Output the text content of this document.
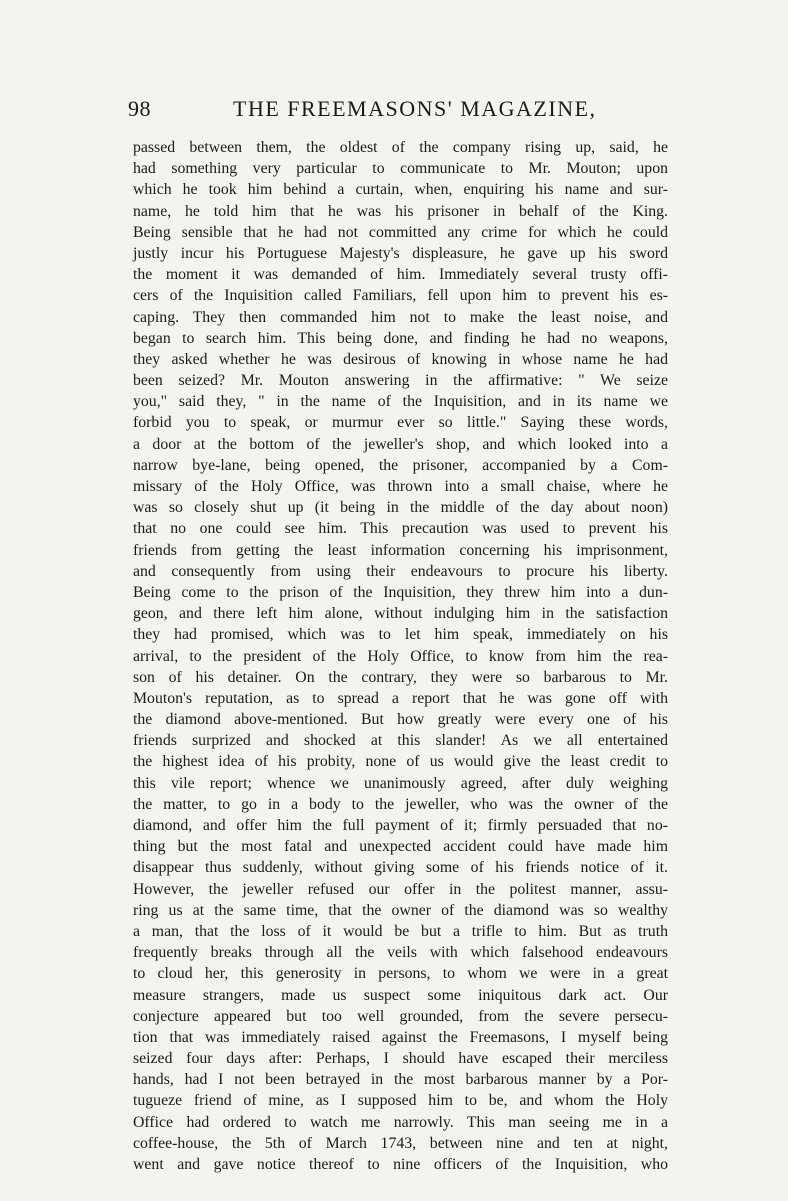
98	THE FREEMASONS' MAGAZINE,
passed between them, the oldest of the company rising up, said, he
had something very particular to communicate to Mr. Mouton; upon
which he took him behind a curtain, when, enquiring his name and sur-
name, he told him that he was his prisoner in behalf of the King.
Being sensible that he had not committed any crime for which he could
justly incur his Portuguese Majesty's displeasure, he gave up his sword
the moment it was demanded of him. Immediately several trusty offi-
cers of the Inquisition called Familiars, fell upon him to prevent his es-
caping. They then commanded him not to make the least noise, and
began to search him. This being done, and finding he had no weapons,
they asked whether he was desirous of knowing in whose name he had
been seized? Mr. Mouton answering in the affirmative: " We seize
you," said they, " in the name of the Inquisition, and in its name we
forbid you to speak, or murmur ever so little." Saying these words,
a door at the bottom of the jeweller's shop, and which looked into a
narrow bye-lane, being opened, the prisoner, accompanied by a Com-
missary of the Holy Office, was thrown into a small chaise, where he
was so closely shut up (it being in the middle of the day about noon)
that no one could see him. This precaution was used to prevent his
friends from getting the least information concerning his imprisonment,
and consequently from using their endeavours to procure his liberty.
Being come to the prison of the Inquisition, they threw him into a dun-
geon, and there left him alone, without indulging him in the satisfaction
they had promised, which was to let him speak, immediately on his
arrival, to the president of the Holy Office, to know from him the rea-
son of his detainer. On the contrary, they were so barbarous to Mr.
Mouton's reputation, as to spread a report that he was gone off with
the diamond above-mentioned. But how greatly were every one of his
friends surprized and shocked at this slander! As we all entertained
the highest idea of his probity, none of us would give the least credit to
this vile report; whence we unanimously agreed, after duly weighing
the matter, to go in a body to the jeweller, who was the owner of the
diamond, and offer him the full payment of it; firmly persuaded that no-
thing but the most fatal and unexpected accident could have made him
disappear thus suddenly, without giving some of his friends notice of it.
However, the jeweller refused our offer in the politest manner, assu-
ring us at the same time, that the owner of the diamond was so wealthy
a man, that the loss of it would be but a trifle to him. But as truth
frequently breaks through all the veils with which falsehood endeavours
to cloud her, this generosity in persons, to whom we were in a great
measure strangers, made us suspect some iniquitous dark act. Our
conjecture appeared but too well grounded, from the severe persecu-
tion that was immediately raised against the Freemasons, I myself being
seized four days after: Perhaps, I should have escaped their merciless
hands, had I not been betrayed in the most barbarous manner by a Por-
tugueze friend of mine, as I supposed him to be, and whom the Holy
Office had ordered to watch me narrowly. This man seeing me in a
coffee-house, the 5th of March 1743, between nine and ten at night,
went and gave notice thereof to nine officers of the Inquisition, who
